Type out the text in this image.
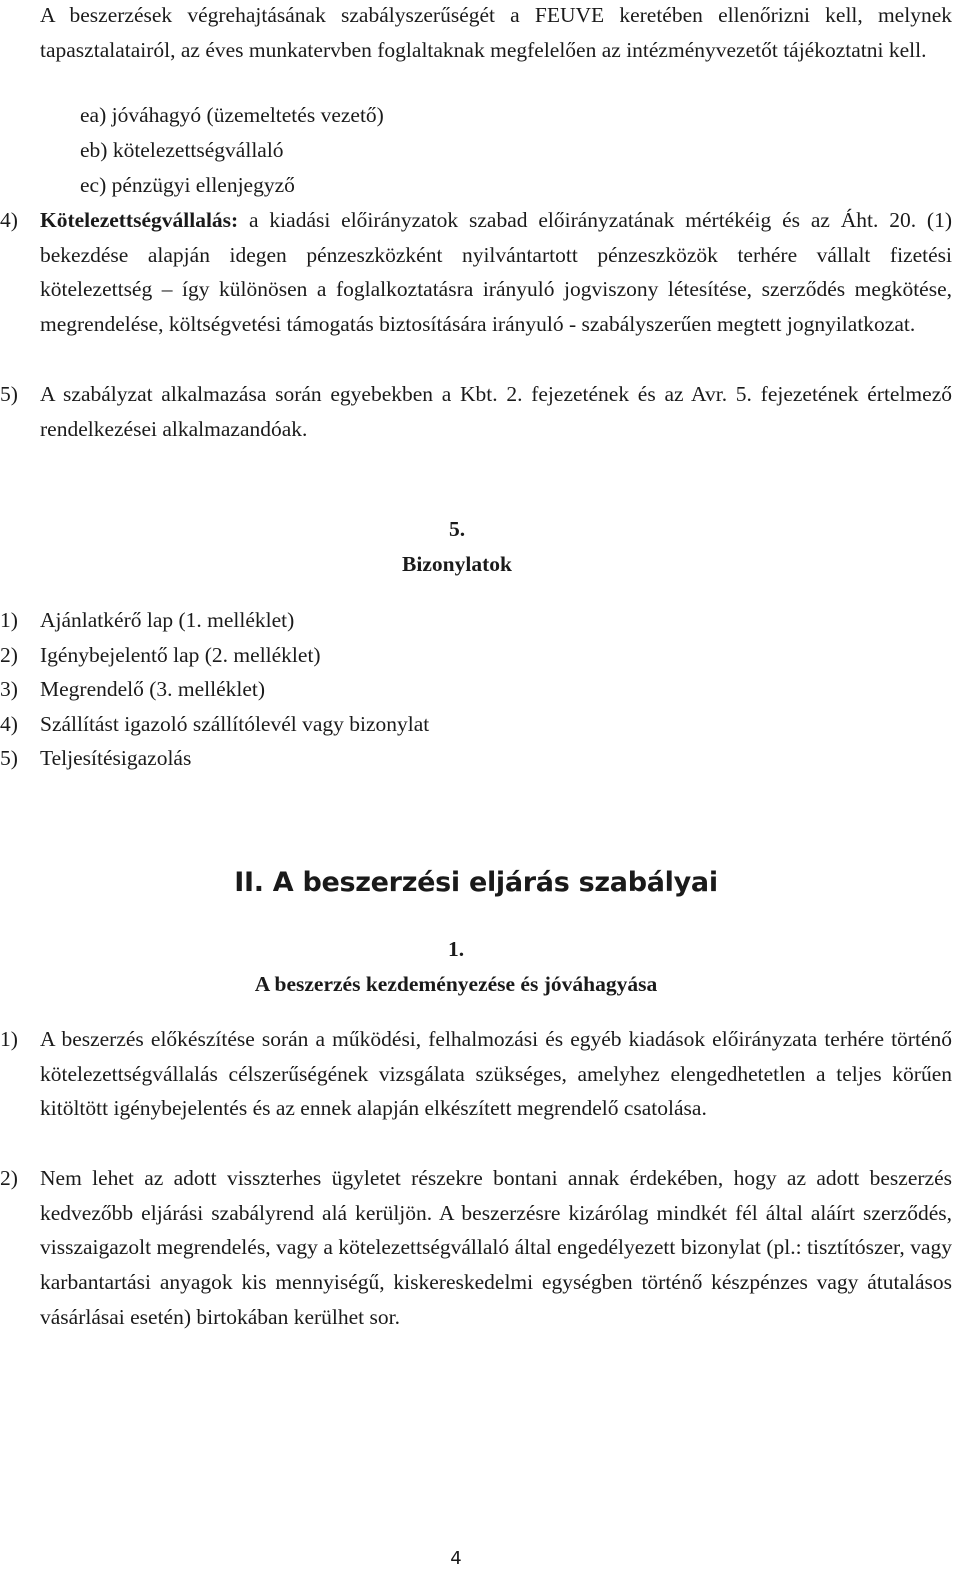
A beszerzések végrehajtásának szabályszerűségét a FEUVE keretében ellenőrizni kell, melynek tapasztalatairól, az éves munkatervben foglaltaknak megfelelően az intézményvezetőt tájékoztatni kell.
ea) jóváhagyó (üzemeltetés vezető)
eb) kötelezettségvállaló
ec) pénzügyi ellenjegyző
4) Kötelezettségvállalás: a kiadási előirányzatok szabad előirányzatának mértékéig és az Áht. 20. (1) bekezdése alapján idegen pénzeszközként nyilvántartott pénzeszközök terhére vállalt fizetési kötelezettség – így különösen a foglalkoztatásra irányuló jogviszony létesítése, szerződés megkötése, megrendelése, költségvetési támogatás biztosítására irányuló - szabályszerűen megtett jognyilatkozat.
5) A szabályzat alkalmazása során egyebekben a Kbt. 2. fejezetének és az Avr. 5. fejezetének értelmező rendelkezései alkalmazandóak.
5.
Bizonylatok
1) Ajánlatkérő lap (1. melléklet)
2) Igénybejelentő lap (2. melléklet)
3) Megrendelő (3. melléklet)
4) Szállítást igazoló szállítólevél vagy bizonylat
5) Teljesítésigazolás
II. A beszerzési eljárás szabályai
1.
A beszerzés kezdeményezése és jóváhagyása
1) A beszerzés előkészítése során a működési, felhalmozási és egyéb kiadások előirányzata terhére történő kötelezettségvállalás célszerűségének vizsgálata szükséges, amelyhez elengedhetetlen a teljes körűen kitöltött igénybejelentés és az ennek alapján elkészített megrendelő csatolása.
2) Nem lehet az adott visszterhes ügyletet részekre bontani annak érdekében, hogy az adott beszerzés kedvezőbb eljárási szabályrend alá kerüljön. A beszerzésre kizárólag mindkét fél által aláírt szerződés, visszaigazolt megrendelés, vagy a kötelezettségvállaló által engedélyezett bizonylat (pl.: tisztítószer, vagy karbantartási anyagok kis mennyiségű, kiskereskedelmi egységben történő készpénzes vagy átutalásos vásárlásai esetén) birtokában kerülhet sor.
4
